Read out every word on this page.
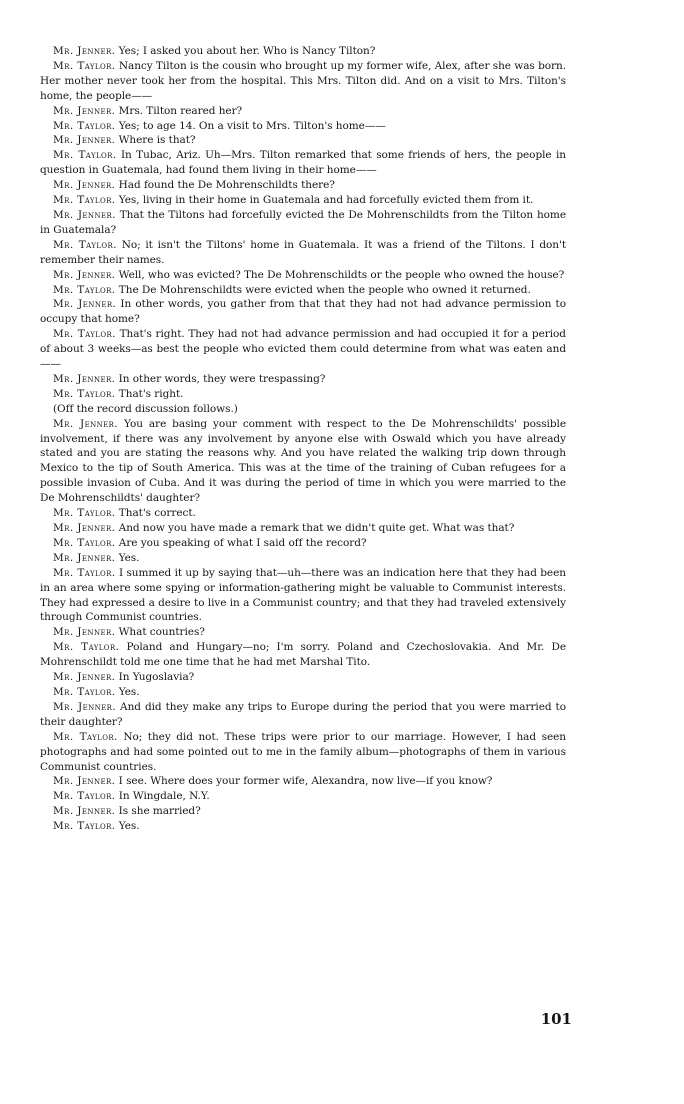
Mr. Jenner. Yes; I asked you about her. Who is Nancy Tilton?

Mr. Taylor. Nancy Tilton is the cousin who brought up my former wife, Alex, after she was born. Her mother never took her from the hospital. This Mrs. Tilton did. And on a visit to Mrs. Tilton's home, the people——

Mr. Jenner. Mrs. Tilton reared her?

Mr. Taylor. Yes; to age 14. On a visit to Mrs. Tilton's home——

Mr. Jenner. Where is that?

Mr. Taylor. In Tubac, Ariz. Uh—Mrs. Tilton remarked that some friends of hers, the people in question in Guatemala, had found them living in their home——

Mr. Jenner. Had found the De Mohrenschildts there?

Mr. Taylor. Yes, living in their home in Guatemala and had forcefully evicted them from it.

Mr. Jenner. That the Tiltons had forcefully evicted the De Mohrenschildts from the Tilton home in Guatemala?

Mr. Taylor. No; it isn't the Tiltons' home in Guatemala. It was a friend of the Tiltons. I don't remember their names.

Mr. Jenner. Well, who was evicted? The De Mohrenschildts or the people who owned the house?

Mr. Taylor. The De Mohrenschildts were evicted when the people who owned it returned.

Mr. Jenner. In other words, you gather from that that they had not had advance permission to occupy that home?

Mr. Taylor. That's right. They had not had advance permission and had occupied it for a period of about 3 weeks—as best the people who evicted them could determine from what was eaten and——

Mr. Jenner. In other words, they were trespassing?

Mr. Taylor. That's right.

(Off the record discussion follows.)

Mr. Jenner. You are basing your comment with respect to the De Mohrenschildts' possible involvement, if there was any involvement by anyone else with Oswald which you have already stated and you are stating the reasons why. And you have related the walking trip down through Mexico to the tip of South America. This was at the time of the training of Cuban refugees for a possible invasion of Cuba. And it was during the period of time in which you were married to the De Mohrenschildts' daughter?

Mr. Taylor. That's correct.

Mr. Jenner. And now you have made a remark that we didn't quite get. What was that?

Mr. Taylor. Are you speaking of what I said off the record?

Mr. Jenner. Yes.

Mr. Taylor. I summed it up by saying that—uh—there was an indication here that they had been in an area where some spying or information-gathering might be valuable to Communist interests. They had expressed a desire to live in a Communist country; and that they had traveled extensively through Communist countries.

Mr. Jenner. What countries?

Mr. Taylor. Poland and Hungary—no; I'm sorry. Poland and Czechoslovakia. And Mr. De Mohrenschildt told me one time that he had met Marshal Tito.

Mr. Jenner. In Yugoslavia?

Mr. Taylor. Yes.

Mr. Jenner. And did they make any trips to Europe during the period that you were married to their daughter?

Mr. Taylor. No; they did not. These trips were prior to our marriage. However, I had seen photographs and had some pointed out to me in the family album—photographs of them in various Communist countries.

Mr. Jenner. I see. Where does your former wife, Alexandra, now live—if you know?

Mr. Taylor. In Wingdale, N.Y.

Mr. Jenner. Is she married?

Mr. Taylor. Yes.

101
